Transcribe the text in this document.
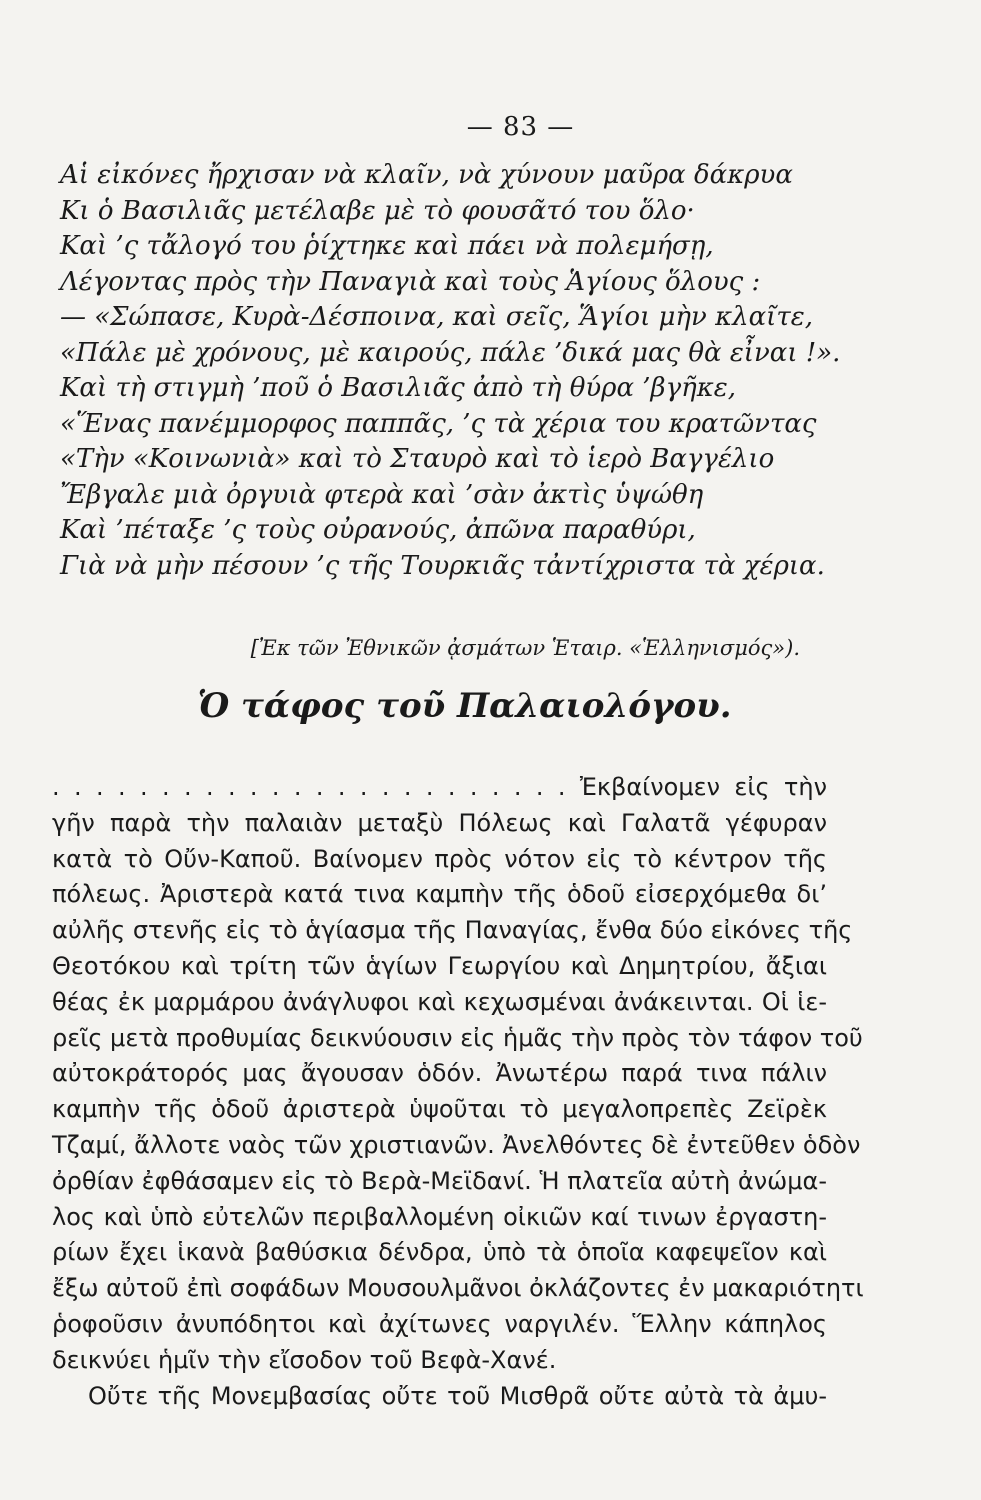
— 83 —
Αἱ εἰκόνες ἤρχισαν νὰ κλαῖν, νὰ χύνουν μαῦρα δάκρυα
Κι ὁ Βασιλιᾶς μετέλαβε μὲ τὸ φουσᾶτό του ὅλο·
Καὶ ’ς τἄλογό του ῥίχτηκε καὶ πάει νὰ πολεμήσῃ,
Λέγοντας πρὸς τὴν Παναγιὰ καὶ τοὺς Ἁγίους ὅλους :
— «Σώπασε, Κυρὰ-Δέσποινα, καὶ σεῖς, Ἅγίοι μὴν κλαῖτε,
«Πάλε μὲ χρόνους, μὲ καιρούς, πάλε ’δικά μας θὰ εἶναι !».
Καὶ τὴ στιγμὴ ’ποῦ ὁ Βασιλιᾶς ἀπὸ τὴ θύρα ’βγῆκε,
«Ἕνας πανέμμορφος παππᾶς, ’ς τὰ χέρια του κρατῶντας
«Τὴν «Κοινωνιὰ» καὶ τὸ Σταυρὸ καὶ τὸ ἱερὸ Βαγγέλιο
Ἔβγαλε μιὰ ὀργυιὰ φτερὰ καὶ ’σὰν ἀκτὶς ὑψώθη
Καὶ ’πέταξε ’ς τοὺς οὐρανούς, ἀπῶνα παραθύρι,
Γιὰ νὰ μὴν πέσουν ’ς τῆς Τουρκιᾶς τἀντίχριστα τὰ χέρια.
[Ἐκ τῶν Ἐθνικῶν ᾀσμάτων Ἑταιρ. «Ἑλληνισμός»).
Ὁ τάφος τοῦ Παλαιολόγου.
. . . . . . . . . . . . . . . . . . . . . . . . Ἐκβαίνομεν εἰς τὴν
γῆν παρὰ τὴν παλαιὰν μεταξὺ Πόλεως καὶ Γαλατᾶ γέφυραν
κατὰ τὸ Οὔν-Καποῦ. Βαίνομεν πρὸς νότον εἰς τὸ κέντρον τῆς
πόλεως. Ἀριστερὰ κατά τινα καμπὴν τῆς ὁδοῦ εἰσερχόμεθα δι’
αὐλῆς στενῆς εἰς τὸ ἁγίασμα τῆς Παναγίας, ἔνθα δύο εἰκόνες τῆς
Θεοτόκου καὶ τρίτη τῶν ἁγίων Γεωργίου καὶ Δημητρίου, ἄξιαι
θέας ἐκ μαρμάρου ἀνάγλυφοι καὶ κεχωσμέναι ἀνάκεινται. Οἱ ἱε-
ρεῖς μετὰ προθυμίας δεικνύουσιν εἰς ἡμᾶς τὴν πρὸς τὸν τάφον τοῦ
αὐτοκράτορός μας ἄγουσαν ὁδόν. Ἀνωτέρω παρά τινα πάλιν
καμπὴν τῆς ὁδοῦ ἀριστερὰ ὑψοῦται τὸ μεγαλοπρεπὲς Ζεϊρὲκ
Τζαμί, ἄλλοτε ναὸς τῶν χριστιανῶν. Ἀνελθόντες δὲ ἐντεῦθεν ὁδὸν
ὀρθίαν ἐφθάσαμεν εἰς τὸ Βερὰ-Μεϊδανί. Ἡ πλατεῖα αὐτὴ ἀνώμα-
λος καὶ ὑπὸ εὐτελῶν περιβαλλομένη οἰκιῶν καί τινων ἐργαστη-
ρίων ἔχει ἱκανὰ βαθύσκια δένδρα, ὑπὸ τὰ ὁποῖα καφεψεῖον καὶ
ἔξω αὐτοῦ ἐπὶ σοφάδων Μουσουλμᾶνοι ὀκλάζοντες ἐν μακαριότητι
ῥοφοῦσιν ἀνυπόδητοι καὶ ἀχίτωνες ναργιλέν. Ἕλλην κάπηλος
δεικνύει ἡμῖν τὴν εἴσοδον τοῦ Βεφὰ-Χανέ.
Οὔτε τῆς Μονεμβασίας οὔτε τοῦ Μισθρᾶ οὔτε αὐτὰ τὰ ἀμυ-
